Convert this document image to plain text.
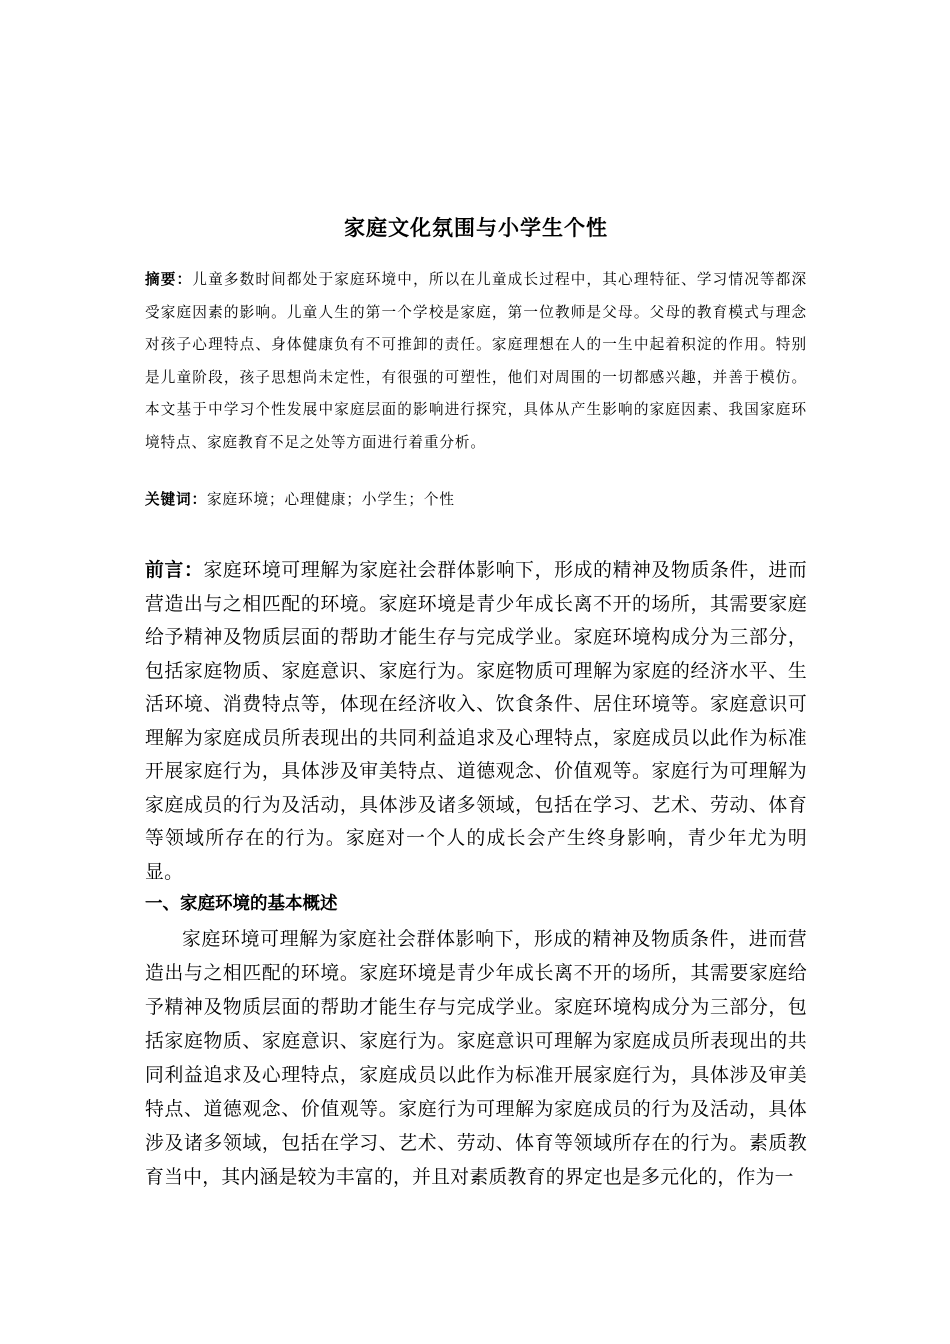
家庭文化氛围与小学生个性
摘要：儿童多数时间都处于家庭环境中，所以在儿童成长过程中，其心理特征、学习情况等都深受家庭因素的影响。儿童人生的第一个学校是家庭，第一位教师是父母。父母的教育模式与理念对孩子心理特点、身体健康负有不可推卸的责任。家庭理想在人的一生中起着积淀的作用。特别是儿童阶段，孩子思想尚未定性，有很强的可塑性，他们对周围的一切都感兴趣，并善于模仿。本文基于中学习个性发展中家庭层面的影响进行探究，具体从产生影响的家庭因素、我国家庭环境特点、家庭教育不足之处等方面进行着重分析。
关键词：家庭环境；心理健康；小学生；个性
前言：家庭环境可理解为家庭社会群体影响下，形成的精神及物质条件，进而营造出与之相匹配的环境。家庭环境是青少年成长离不开的场所，其需要家庭给予精神及物质层面的帮助才能生存与完成学业。家庭环境构成分为三部分，包括家庭物质、家庭意识、家庭行为。家庭物质可理解为家庭的经济水平、生活环境、消费特点等，体现在经济收入、饮食条件、居住环境等。家庭意识可理解为家庭成员所表现出的共同利益追求及心理特点，家庭成员以此作为标准开展家庭行为，具体涉及审美特点、道德观念、价值观等。家庭行为可理解为家庭成员的行为及活动，具体涉及诸多领域，包括在学习、艺术、劳动、体育等领域所存在的行为。家庭对一个人的成长会产生终身影响，青少年尤为明显。
一、家庭环境的基本概述
家庭环境可理解为家庭社会群体影响下，形成的精神及物质条件，进而营造出与之相匹配的环境。家庭环境是青少年成长离不开的场所，其需要家庭给予精神及物质层面的帮助才能生存与完成学业。家庭环境构成分为三部分，包括家庭物质、家庭意识、家庭行为。家庭意识可理解为家庭成员所表现出的共同利益追求及心理特点，家庭成员以此作为标准开展家庭行为，具体涉及审美特点、道德观念、价值观等。家庭行为可理解为家庭成员的行为及活动，具体涉及诸多领域，包括在学习、艺术、劳动、体育等领域所存在的行为。素质教育当中，其内涵是较为丰富的，并且对素质教育的界定也是多元化的，作为一
